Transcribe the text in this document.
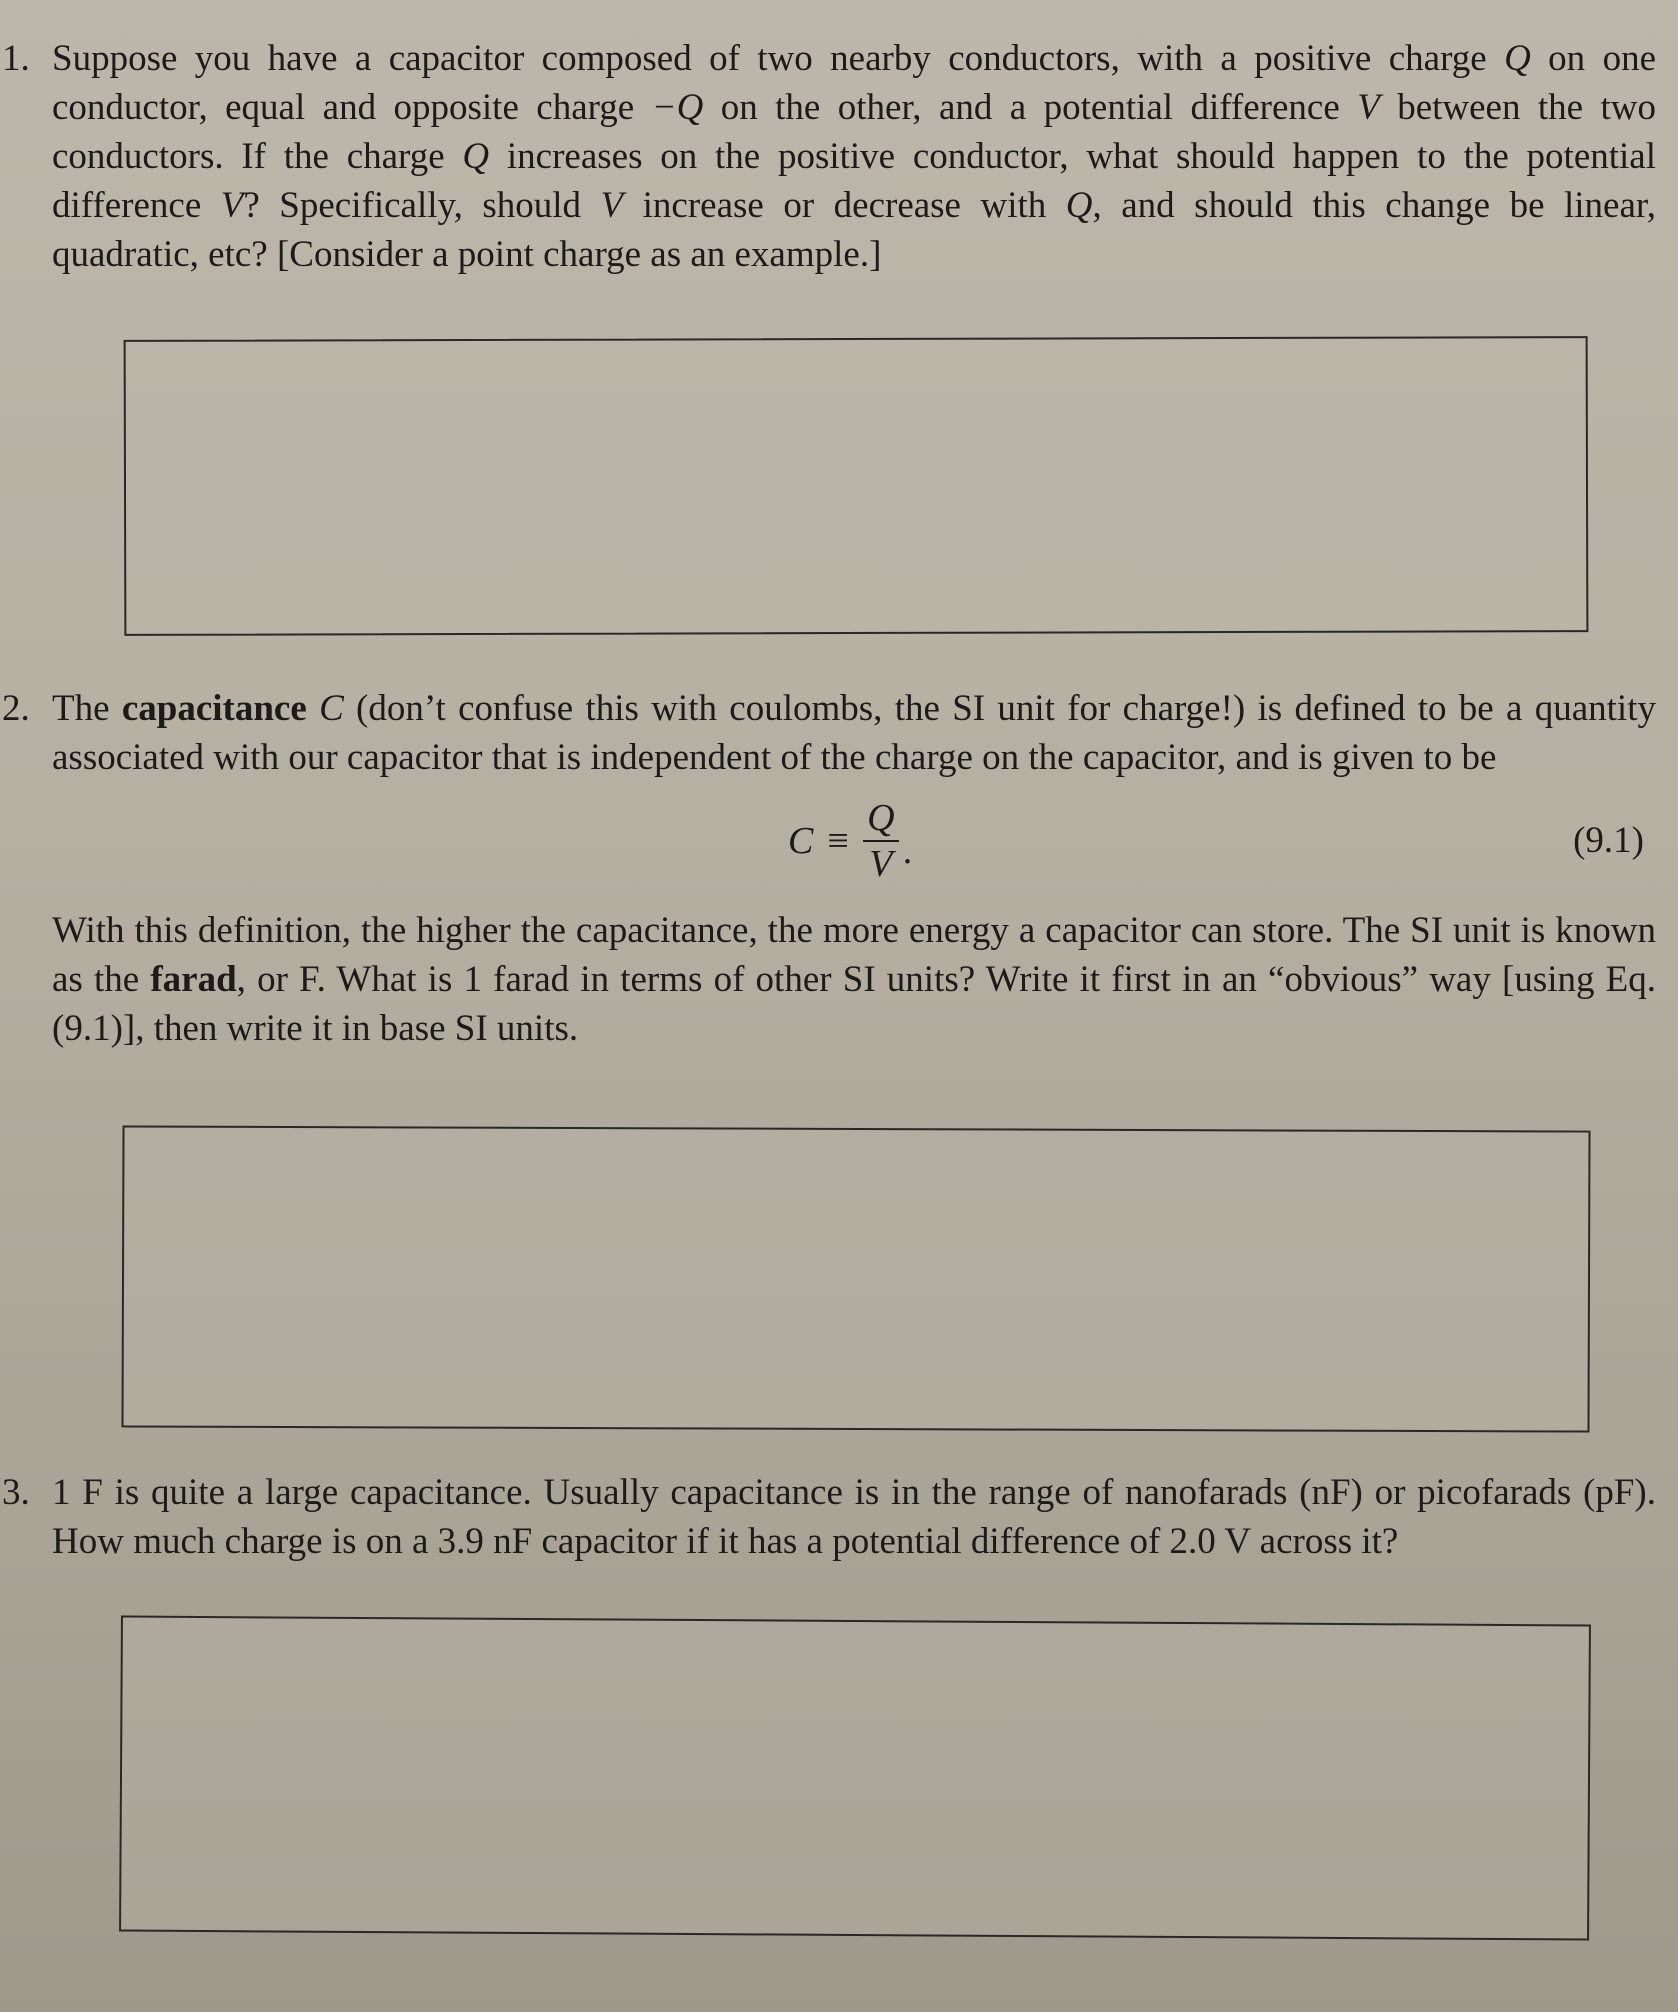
1. Suppose you have a capacitor composed of two nearby conductors, with a positive charge Q on one conductor, equal and opposite charge −Q on the other, and a potential difference V between the two conductors. If the charge Q increases on the positive conductor, what should happen to the potential difference V? Specifically, should V increase or decrease with Q, and should this change be linear, quadratic, etc? [Consider a point charge as an example.]

2. The capacitance C (don’t confuse this with coulombs, the SI unit for charge!) is defined to be a quantity associated with our capacitor that is independent of the charge on the capacitor, and is given to be

$C \equiv \frac{Q}{V}$ .	(9.1)

With this definition, the higher the capacitance, the more energy a capacitor can store. The SI unit is known as the farad, or F. What is 1 farad in terms of other SI units? Write it first in an “obvious” way [using Eq. (9.1)], then write it in base SI units.

3. 1 F is quite a large capacitance. Usually capacitance is in the range of nanofarads (nF) or picofarads (pF). How much charge is on a 3.9 nF capacitor if it has a potential difference of 2.0 V across it?
